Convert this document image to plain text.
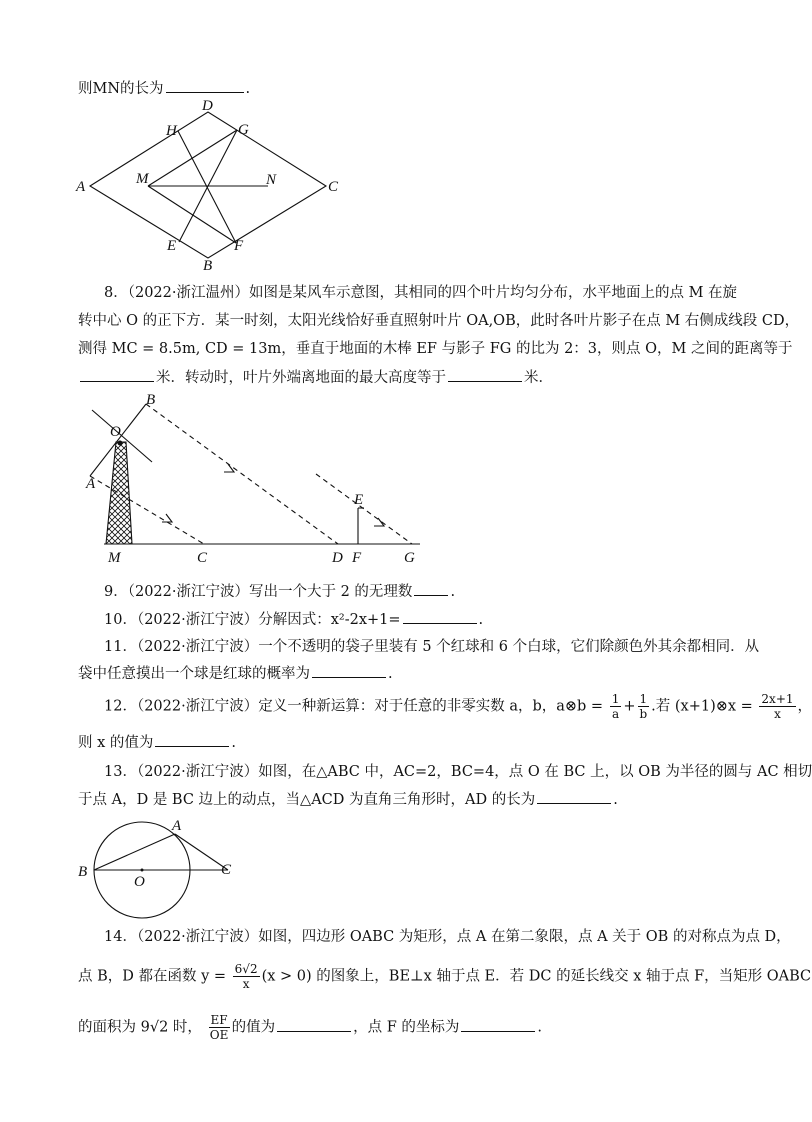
则MN的长为	.
A
D
H	G
M	N	C
E	F
B
8．（2022·浙江温州）如图是某风车示意图，其相同的四个叶片均匀分布，水平地面上的点 M 在旋
转中心 O 的正下方．某一时刻，太阳光线恰好垂直照射叶片 OA,OB，此时各叶片影子在点 M 右侧成线段 CD，
测得 MC = 8.5m, CD = 13m，垂直于地面的木棒 EF 与影子 FG 的比为 2：3，则点 O，M 之间的距离等于
米．转动时，叶片外端离地面的最大高度等于	米．
B
O
A
E
M	C	D F	G
9．（2022·浙江宁波）写出一个大于 2 的无理数	.
10．（2022·浙江宁波）分解因式：x²-2x+1=	.
11．（2022·浙江宁波）一个不透明的袋子里装有 5 个红球和 6 个白球，它们除颜色外其余都相同．从
袋中任意摸出一个球是红球的概率为	.
12．（2022·浙江宁波）定义一种新运算：对于任意的非零实数 a，b，a⊗b = $\frac{1}{a} + \frac{1}{b}$ .若 (x+1)⊗x = $\frac{2x+1}{x}$ ，
则 x 的值为	.
13．（2022·浙江宁波）如图，在△ABC 中，AC=2，BC=4，点 O 在 BC 上，以 OB 为半径的圆与 AC 相切
于点 A，D 是 BC 边上的动点，当△ACD 为直角三角形时，AD 的长为	.
A
B	C
O
14．（2022·浙江宁波）如图，四边形 OABC 为矩形，点 A 在第二象限，点 A 关于 OB 的对称点为点 D，
点 B，D 都在函数 $y = \frac{6√2}{x} (x > 0)$ 的图象上，BE⊥x 轴于点 E．若 DC 的延长线交 x 轴于点 F，当矩形 OABC
的面积为 9√2 时， $\frac{EF}{OE}$ 的值为	，点 F 的坐标为	.
